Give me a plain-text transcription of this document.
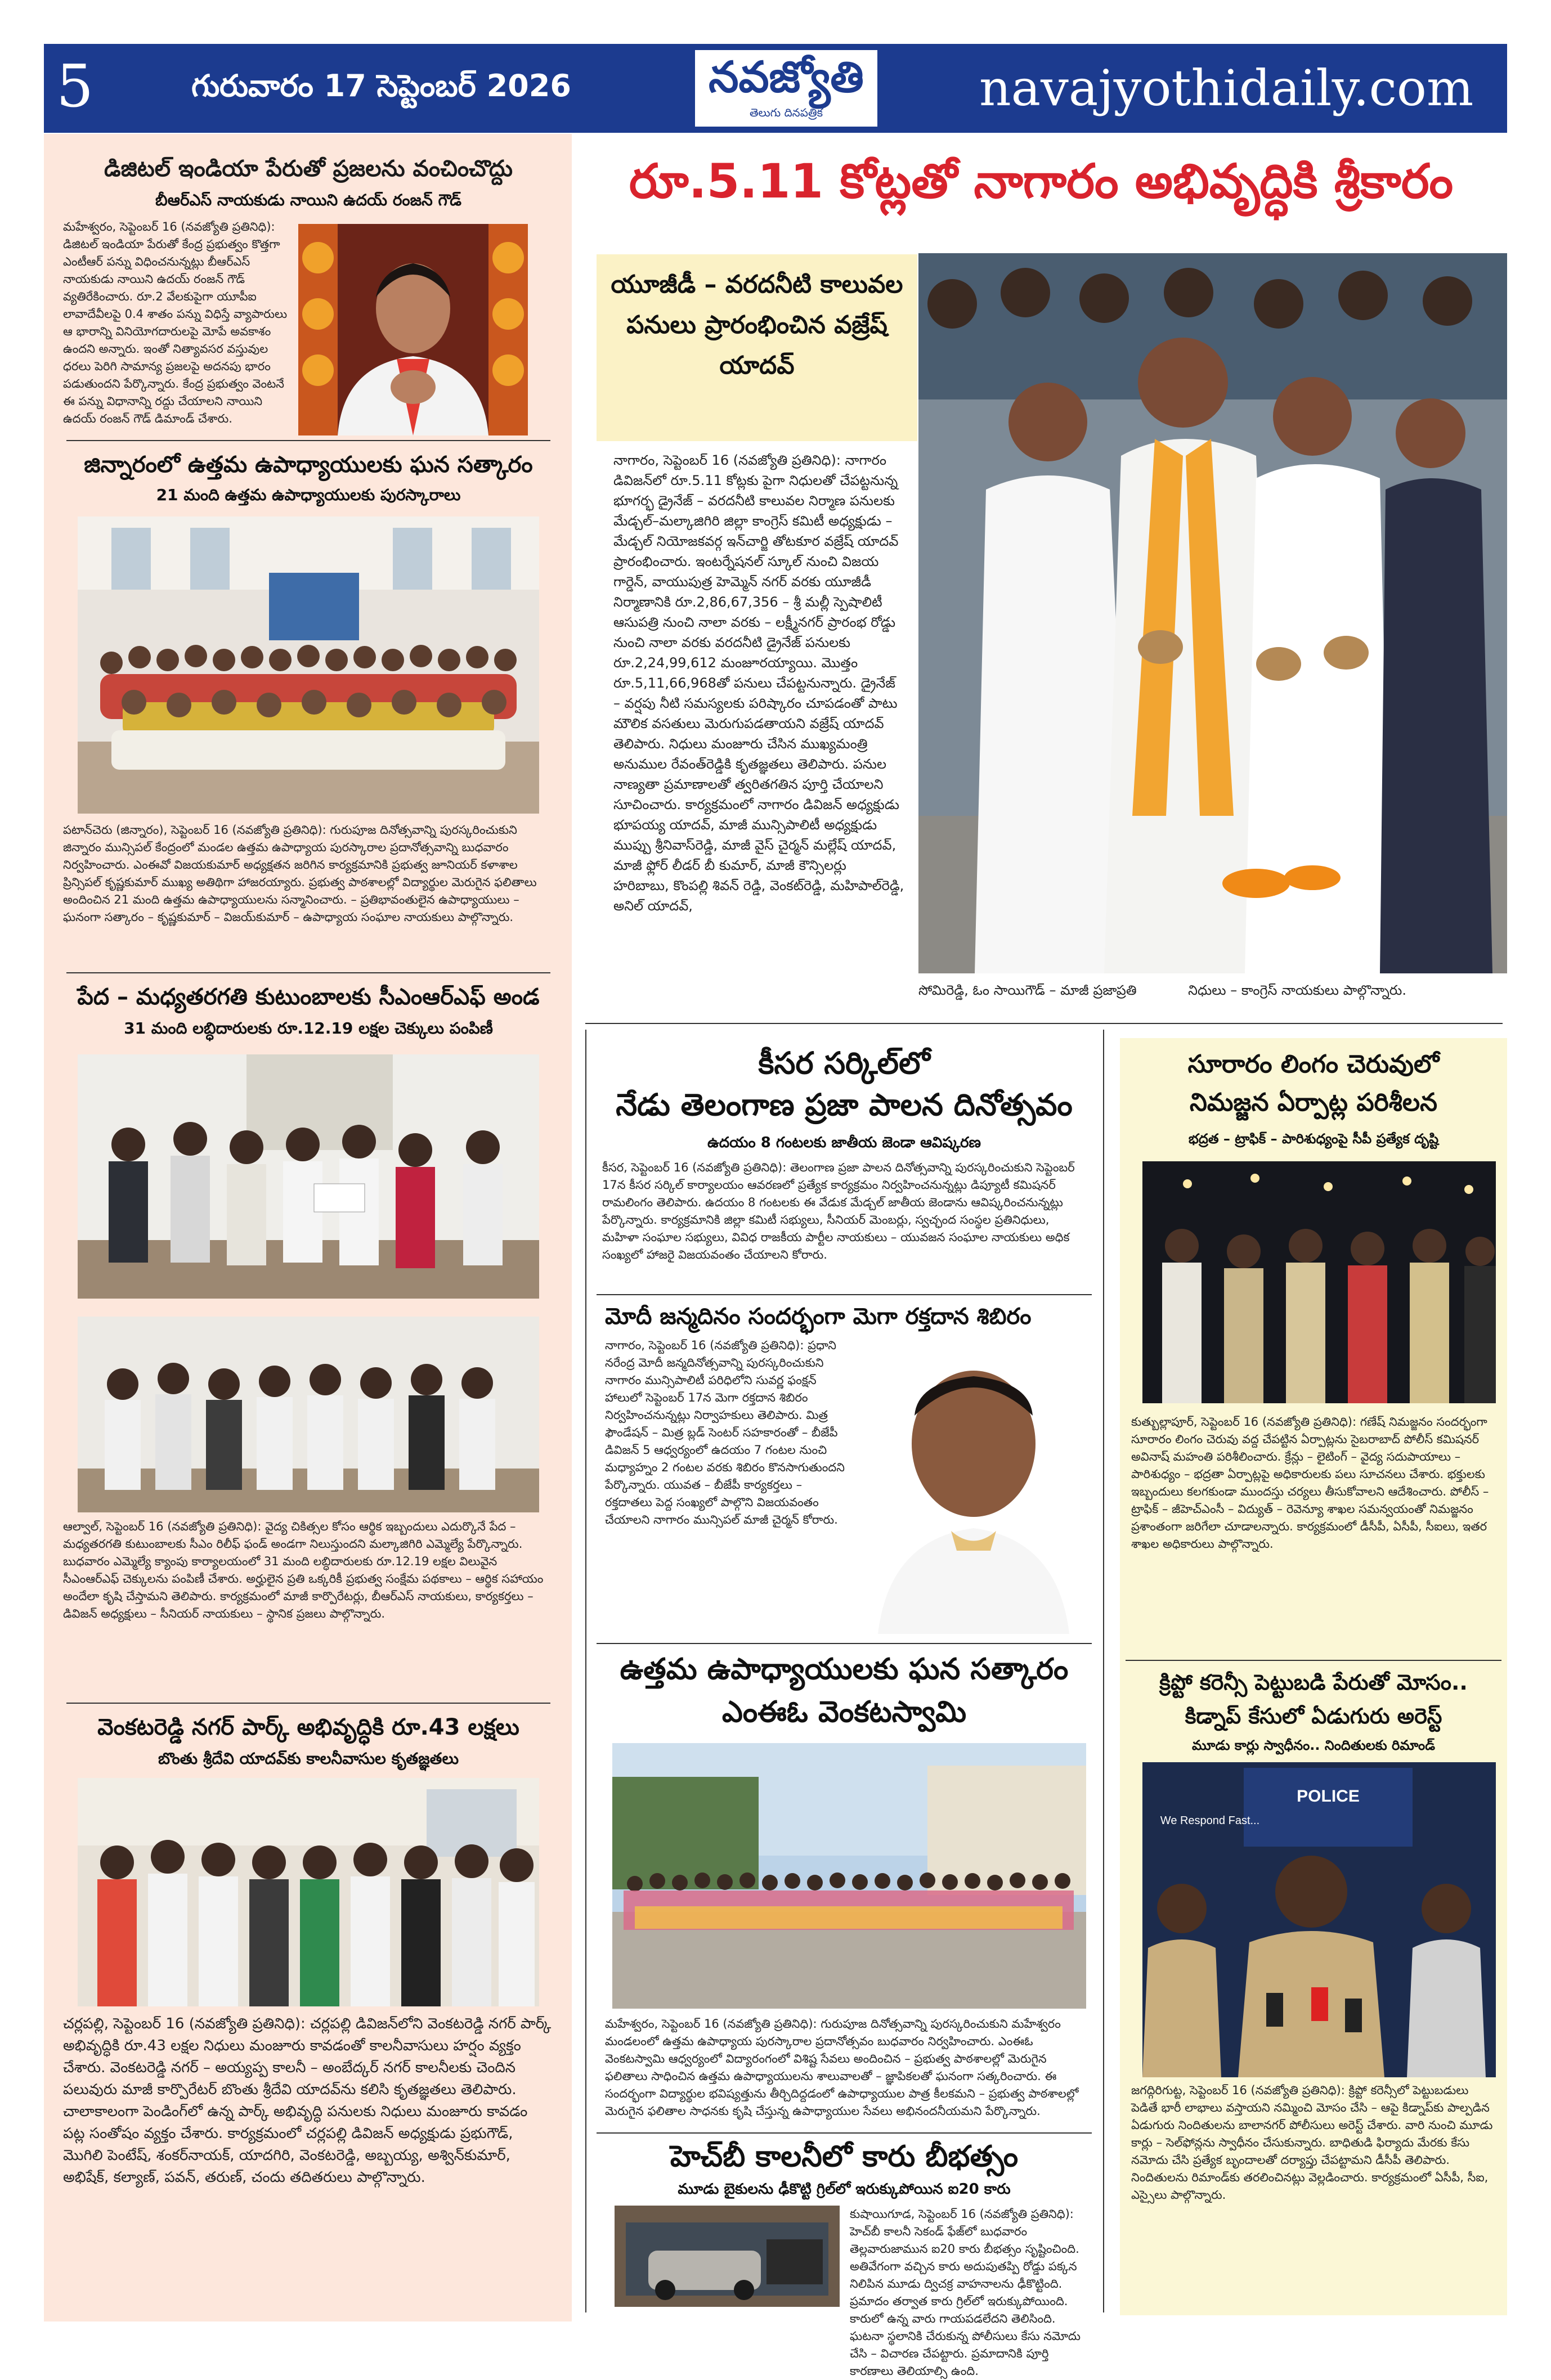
5	గురువారం 17 సెప్టెంబర్ 2026	నవజ్యోతి
తెలుగు దినపత్రిక	navajyothidaily.com
డిజిటల్ ఇండియా పేరుతో ప్రజలను వంచించొద్దు
బీఆర్ఎస్ నాయకుడు నాయిని ఉదయ్ రంజన్ గౌడ్
మహేశ్వరం, సెప్టెంబర్ 16 (నవజ్యోతి ప్రతినిధి): డిజిటల్ ఇండియా పేరుతో కేంద్ర ప్రభుత్వం కొత్తగా ఎంటీఆర్ పన్ను విధించనున్నట్లు బీఆర్ఎస్ నాయకుడు నాయిని ఉదయ్ రంజన్ గౌడ్ వ్యతిరేకించారు. రూ.2 వేలకుపైగా యూపీఐ లావాదేవీలపై 0.4 శాతం పన్ను విధిస్తే వ్యాపారులు ఆ భారాన్ని వినియోగదారులపై మోపే అవకాశం ఉందని అన్నారు. ఇంతో నిత్యావసర వస్తువుల ధరలు పెరిగి సామాన్య ప్రజలపై అదనపు భారం పడుతుందని పేర్కొన్నారు. కేంద్ర ప్రభుత్వం వెంటనే ఈ పన్ను విధానాన్ని రద్దు చేయాలని నాయిని ఉదయ్ రంజన్ గౌడ్ డిమాండ్ చేశారు.
జిన్నారంలో ఉత్తమ ఉపాధ్యాయులకు ఘన సత్కారం
21 మంది ఉత్తమ ఉపాధ్యాయులకు పురస్కారాలు
పటాన్‌చెరు (జిన్నారం), సెప్టెంబర్ 16 (నవజ్యోతి ప్రతినిధి): గురుపూజ దినోత్సవాన్ని పురస్కరించుకుని జిన్నారం మున్సిపల్ కేంద్రంలో మండల ఉత్తమ ఉపాధ్యాయ పురస్కారాల ప్రదానోత్సవాన్ని బుధవారం నిర్వహించారు. ఎంఈవో విజయకుమార్ అధ్యక్షతన జరిగిన కార్యక్రమానికి ప్రభుత్వ జూనియర్ కళాశాల ప్రిన్సిపల్ కృష్ణకుమార్ ముఖ్య అతిథిగా హాజరయ్యారు. ప్రభుత్వ పాఠశాలల్లో విద్యార్థుల మెరుగైన ఫలితాలు అందించిన 21 మంది ఉత్తమ ఉపాధ్యాయులను సన్మానించారు. – ప్రతిభావంతులైన ఉపాధ్యాయులు – ఘనంగా సత్కారం – కృష్ణకుమార్ – విజయ్‌కుమార్ – ఉపాధ్యాయ సంఘాల నాయకులు పాల్గొన్నారు.
పేద – మధ్యతరగతి కుటుంబాలకు సీఎంఆర్ఎఫ్ అండ
31 మంది లబ్ధిదారులకు రూ.12.19 లక్షల చెక్కులు పంపిణీ
ఆల్వాల్, సెప్టెంబర్ 16 (నవజ్యోతి ప్రతినిధి): వైద్య చికిత్సల కోసం ఆర్థిక ఇబ్బందులు ఎదుర్కొనే పేద – మధ్యతరగతి కుటుంబాలకు సీఎం రిలీఫ్ ఫండ్ అండగా నిలుస్తుందని మల్కాజిగిరి ఎమ్మెల్యే పేర్కొన్నారు. బుధవారం ఎమ్మెల్యే క్యాంపు కార్యాలయంలో 31 మంది లబ్ధిదారులకు రూ.12.19 లక్షల విలువైన సీఎంఆర్ఎఫ్ చెక్కులను పంపిణీ చేశారు. అర్హులైన ప్రతి ఒక్కరికీ ప్రభుత్వ సంక్షేమ పథకాలు – ఆర్థిక సహాయం అందేలా కృషి చేస్తామని తెలిపారు. కార్యక్రమంలో మాజీ కార్పొరేటర్లు, బీఆర్ఎస్ నాయకులు, కార్యకర్తలు – డివిజన్ అధ్యక్షులు – సీనియర్ నాయకులు – స్థానిక ప్రజలు పాల్గొన్నారు.
వెంకటరెడ్డి నగర్ పార్క్ అభివృద్ధికి రూ.43 లక్షలు
బొంతు శ్రీదేవి యాదవ్‌కు కాలనీవాసుల కృతజ్ఞతలు
చర్లపల్లి, సెప్టెంబర్ 16 (నవజ్యోతి ప్రతినిధి): చర్లపల్లి డివిజన్‌లోని వెంకటరెడ్డి నగర్ పార్క్ అభివృద్ధికి రూ.43 లక్షల నిధులు మంజూరు కావడంతో కాలనీవాసులు హర్షం వ్యక్తం చేశారు. వెంకటరెడ్డి నగర్ – అయ్యప్ప కాలనీ – అంబేద్కర్ నగర్ కాలనీలకు చెందిన పలువురు మాజీ కార్పొరేటర్ బొంతు శ్రీదేవి యాదవ్‌ను కలిసి కృతజ్ఞతలు తెలిపారు. చాలాకాలంగా పెండింగ్‌లో ఉన్న పార్క్ అభివృద్ధి పనులకు నిధులు మంజూరు కావడం పట్ల సంతోషం వ్యక్తం చేశారు. కార్యక్రమంలో చర్లపల్లి డివిజన్ అధ్యక్షుడు ప్రభుగౌడ్, మొగిలి పెంటేష్, శంకర్‌నాయక్, యాదగిరి, వెంకటరెడ్డి, అబ్బయ్య, అశ్విన్‌కుమార్, అభిషేక్, కల్యాణ్, పవన్, తరుణ్, చందు తదితరులు పాల్గొన్నారు.
రూ.5.11 కోట్లతో నాగారం అభివృద్ధికి శ్రీకారం
యూజీడీ – వరదనీటి కాలువల పనులు ప్రారంభించిన వజ్రేష్ యాదవ్
నాగారం, సెప్టెంబర్ 16 (నవజ్యోతి ప్రతినిధి): నాగారం డివిజన్‌లో రూ.5.11 కోట్లకు పైగా నిధులతో చేపట్టనున్న భూగర్భ డ్రైనేజ్ – వరదనీటి కాలువల నిర్మాణ పనులకు మేడ్చల్–మల్కాజిగిరి జిల్లా కాంగ్రెస్ కమిటీ అధ్యక్షుడు – మేడ్చల్ నియోజకవర్గ ఇన్‌చార్జి తోటకూర వజ్రేష్ యాదవ్ ప్రారంభించారు. ఇంటర్నేషనల్ స్కూల్ నుంచి విజయ గార్డెన్, వాయుపుత్ర హెమ్మెన్ నగర్ వరకు యూజీడీ నిర్మాణానికి రూ.2,86,67,356 – శ్రీ మల్లీ స్పెషాలిటీ ఆసుపత్రి నుంచి నాలా వరకు – లక్ష్మీనగర్ ప్రారంభ రోడ్డు నుంచి నాలా వరకు వరదనీటి డ్రైనేజ్ పనులకు రూ.2,24,99,612 మంజూరయ్యాయి. మొత్తం రూ.5,11,66,968తో పనులు చేపట్టనున్నారు. డ్రైనేజ్ – వర్షపు నీటి సమస్యలకు పరిష్కారం చూపడంతో పాటు మౌలిక వసతులు మెరుగుపడతాయని వజ్రేష్ యాదవ్ తెలిపారు. నిధులు మంజూరు చేసిన ముఖ్యమంత్రి అనుముల రేవంత్‌రెడ్డికి కృతజ్ఞతలు తెలిపారు. పనుల నాణ్యతా ప్రమాణాలతో త్వరితగతిన పూర్తి చేయాలని సూచించారు. కార్యక్రమంలో నాగారం డివిజన్ అధ్యక్షుడు భూపయ్య యాదవ్, మాజీ మున్సిపాలిటీ అధ్యక్షుడు ముప్పు శ్రీనివాస్‌రెడ్డి, మాజీ వైస్ చైర్మన్ మల్లేష్ యాదవ్, మాజీ ఫ్లోర్ లీడర్ బీ కుమార్, మాజీ కౌన్సిలర్లు హరిబాబు, కొంపల్లి శివన్ రెడ్డి, వెంకట్‌రెడ్డి, మహిపాల్‌రెడ్డి, అనిల్ యాదవ్,
సోమిరెడ్డి, ఓం సాయిగౌడ్ – మాజీ ప్రజాప్రతి            నిధులు – కాంగ్రెస్ నాయకులు పాల్గొన్నారు.
కీసర సర్కిల్‌లో
నేడు తెలంగాణ ప్రజా పాలన దినోత్సవం
ఉదయం 8 గంటలకు జాతీయ జెండా ఆవిష్కరణ
కీసర, సెప్టెంబర్ 16 (నవజ్యోతి ప్రతినిధి): తెలంగాణ ప్రజా పాలన దినోత్సవాన్ని పురస్కరించుకుని సెప్టెంబర్ 17న కీసర సర్కిల్ కార్యాలయం ఆవరణలో ప్రత్యేక కార్యక్రమం నిర్వహించనున్నట్లు డిప్యూటీ కమిషనర్ రామలింగం తెలిపారు. ఉదయం 8 గంటలకు ఈ వేడుక మేడ్చల్ జాతీయ జెండాను ఆవిష్కరించనున్నట్లు పేర్కొన్నారు. కార్యక్రమానికి జిల్లా కమిటీ సభ్యులు, సీనియర్ మెంబర్లు, స్వచ్ఛంద సంస్థల ప్రతినిధులు, మహిళా సంఘాల సభ్యులు, వివిధ రాజకీయ పార్టీల నాయకులు – యువజన సంఘాల నాయకులు అధిక సంఖ్యలో హాజరై విజయవంతం చేయాలని కోరారు.
మోదీ జన్మదినం సందర్భంగా మెగా రక్తదాన శిబిరం
నాగారం, సెప్టెంబర్ 16 (నవజ్యోతి ప్రతినిధి): ప్రధాని నరేంద్ర మోదీ జన్మదినోత్సవాన్ని పురస్కరించుకుని నాగారం మున్సిపాలిటీ పరిధిలోని సువర్ణ ఫంక్షన్ హాలులో సెప్టెంబర్ 17న మెగా రక్తదాన శిబిరం నిర్వహించనున్నట్లు నిర్వాహకులు తెలిపారు. మిత్ర ఫౌండేషన్ – మిత్ర బ్లడ్ సెంటర్ సహకారంతో – బీజేపీ డివిజన్ 5 ఆధ్వర్యంలో ఉదయం 7 గంటల నుంచి మధ్యాహ్నం 2 గంటల వరకు శిబిరం కొనసాగుతుందని పేర్కొన్నారు. యువత – బీజేపీ కార్యకర్తలు – రక్తదాతలు పెద్ద సంఖ్యలో పాల్గొని విజయవంతం చేయాలని నాగారం మున్సిపల్ మాజీ చైర్మన్ కోరారు.
ఉత్తమ ఉపాధ్యాయులకు ఘన సత్కారం
ఎంఈఓ వెంకటస్వామి
మహేశ్వరం, సెప్టెంబర్ 16 (నవజ్యోతి ప్రతినిధి): గురుపూజ దినోత్సవాన్ని పురస్కరించుకుని మహేశ్వరం మండలంలో ఉత్తమ ఉపాధ్యాయ పురస్కారాల ప్రదానోత్సవం బుధవారం నిర్వహించారు. ఎంఈఓ వెంకటస్వామి ఆధ్వర్యంలో విద్యారంగంలో విశిష్ట సేవలు అందించిన – ప్రభుత్వ పాఠశాలల్లో మెరుగైన ఫలితాలు సాధించిన ఉత్తమ ఉపాధ్యాయులను శాలువాలతో – జ్ఞాపికలతో ఘనంగా సత్కరించారు. ఈ సందర్భంగా విద్యార్థుల భవిష్యత్తును తీర్చిదిద్దడంలో ఉపాధ్యాయుల పాత్ర కీలకమని – ప్రభుత్వ పాఠశాలల్లో మెరుగైన ఫలితాల సాధనకు కృషి చేస్తున్న ఉపాధ్యాయుల సేవలు అభినందనీయమని పేర్కొన్నారు.
హెచ్‌బీ కాలనీలో కారు బీభత్సం
మూడు బైకులను ఢీకొట్టి గ్రిల్‌లో ఇరుక్కుపోయిన ఐ20 కారు
కుషాయిగూడ, సెప్టెంబర్ 16 (నవజ్యోతి ప్రతినిధి): హెచ్‌బీ కాలనీ సెకండ్ ఫేజ్‌లో బుధవారం తెల్లవారుజామున ఐ20 కారు బీభత్సం సృష్టించింది. అతివేగంగా వచ్చిన కారు అదుపుతప్పి రోడ్డు పక్కన నిలిపిన మూడు ద్విచక్ర వాహనాలను ఢీకొట్టింది. ప్రమాదం తర్వాత కారు గ్రిల్‌లో ఇరుక్కుపోయింది. కారులో ఉన్న వారు గాయపడలేదని తెలిసింది. ఘటనా స్థలానికి చేరుకున్న పోలీసులు కేసు నమోదు చేసి – విచారణ చేపట్టారు. ప్రమాదానికి పూర్తి కారణాలు తెలియాల్సి ఉంది.
సూరారం లింగం చెరువులో
నిమజ్జన ఏర్పాట్ల పరిశీలన
భద్రత – ట్రాఫిక్ – పారిశుధ్యంపై సీపీ ప్రత్యేక దృష్టి
కుత్బుల్లాపూర్, సెప్టెంబర్ 16 (నవజ్యోతి ప్రతినిధి): గణేష్ నిమజ్జనం సందర్భంగా సూరారం లింగం చెరువు వద్ద చేపట్టిన ఏర్పాట్లను సైబరాబాద్ పోలీస్ కమిషనర్ అవినాష్ మహంతి పరిశీలించారు. క్రేన్లు – లైటింగ్ – వైద్య సదుపాయాలు – పారిశుధ్యం – భద్రతా ఏర్పాట్లపై అధికారులకు పలు సూచనలు చేశారు. భక్తులకు ఇబ్బందులు కలగకుండా ముందస్తు చర్యలు తీసుకోవాలని ఆదేశించారు. పోలీస్ – ట్రాఫిక్ – జీహెచ్ఎంసీ – విద్యుత్ – రెవెన్యూ శాఖల సమన్వయంతో నిమజ్జనం ప్రశాంతంగా జరిగేలా చూడాలన్నారు. కార్యక్రమంలో డీసీపీ, ఏసీపీ, సీఐలు, ఇతర శాఖల అధికారులు పాల్గొన్నారు.
క్రిప్టో కరెన్సీ పెట్టుబడి పేరుతో మోసం..
కిడ్నాప్ కేసులో ఏడుగురు అరెస్ట్
మూడు కార్లు స్వాధీనం.. నిందితులకు రిమాండ్
POLICE
We Respond Fast...
జగద్గిరిగుట్ట, సెప్టెంబర్ 16 (నవజ్యోతి ప్రతినిధి): క్రిప్టో కరెన్సీలో పెట్టుబడులు పెడితే భారీ లాభాలు వస్తాయని నమ్మించి మోసం చేసి – ఆపై కిడ్నాప్‌కు పాల్పడిన ఏడుగురు నిందితులను బాలానగర్ పోలీసులు అరెస్ట్ చేశారు. వారి నుంచి మూడు కార్లు – సెల్‌ఫోన్లను స్వాధీనం చేసుకున్నారు. బాధితుడి ఫిర్యాదు మేరకు కేసు నమోదు చేసి ప్రత్యేక బృందాలతో దర్యాప్తు చేపట్టామని డీసీపీ తెలిపారు. నిందితులను రిమాండ్‌కు తరలించినట్లు వెల్లడించారు. కార్యక్రమంలో ఏసీపీ, సీఐ, ఎస్సైలు పాల్గొన్నారు.
